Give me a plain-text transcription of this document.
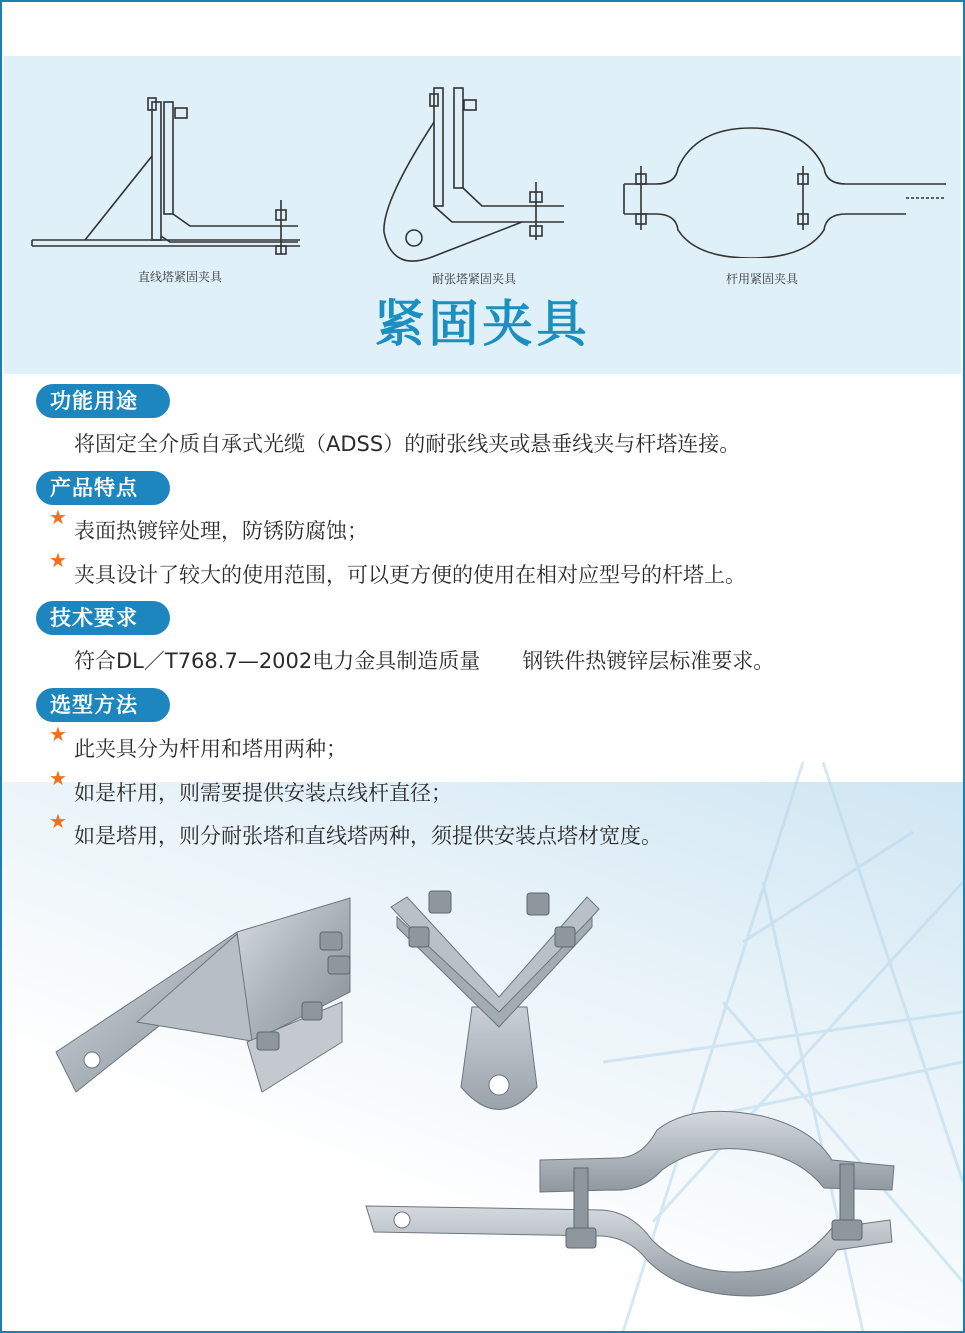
直线塔紧固夹具	耐张塔紧固夹具	杆用紧固夹具
紧固夹具
功能用途
将固定全介质自承式光缆（ADSS）的耐张线夹或悬垂线夹与杆塔连接。
产品特点
★
表面热镀锌处理，防锈防腐蚀；
★
夹具设计了较大的使用范围，可以更方便的使用在相对应型号的杆塔上。
技术要求
符合DL／T768.7—2002电力金具制造质量　　钢铁件热镀锌层标准要求。
选型方法
★
此夹具分为杆用和塔用两种；
★
如是杆用，则需要提供安装点线杆直径；
★
如是塔用，则分耐张塔和直线塔两种，须提供安装点塔材宽度。
